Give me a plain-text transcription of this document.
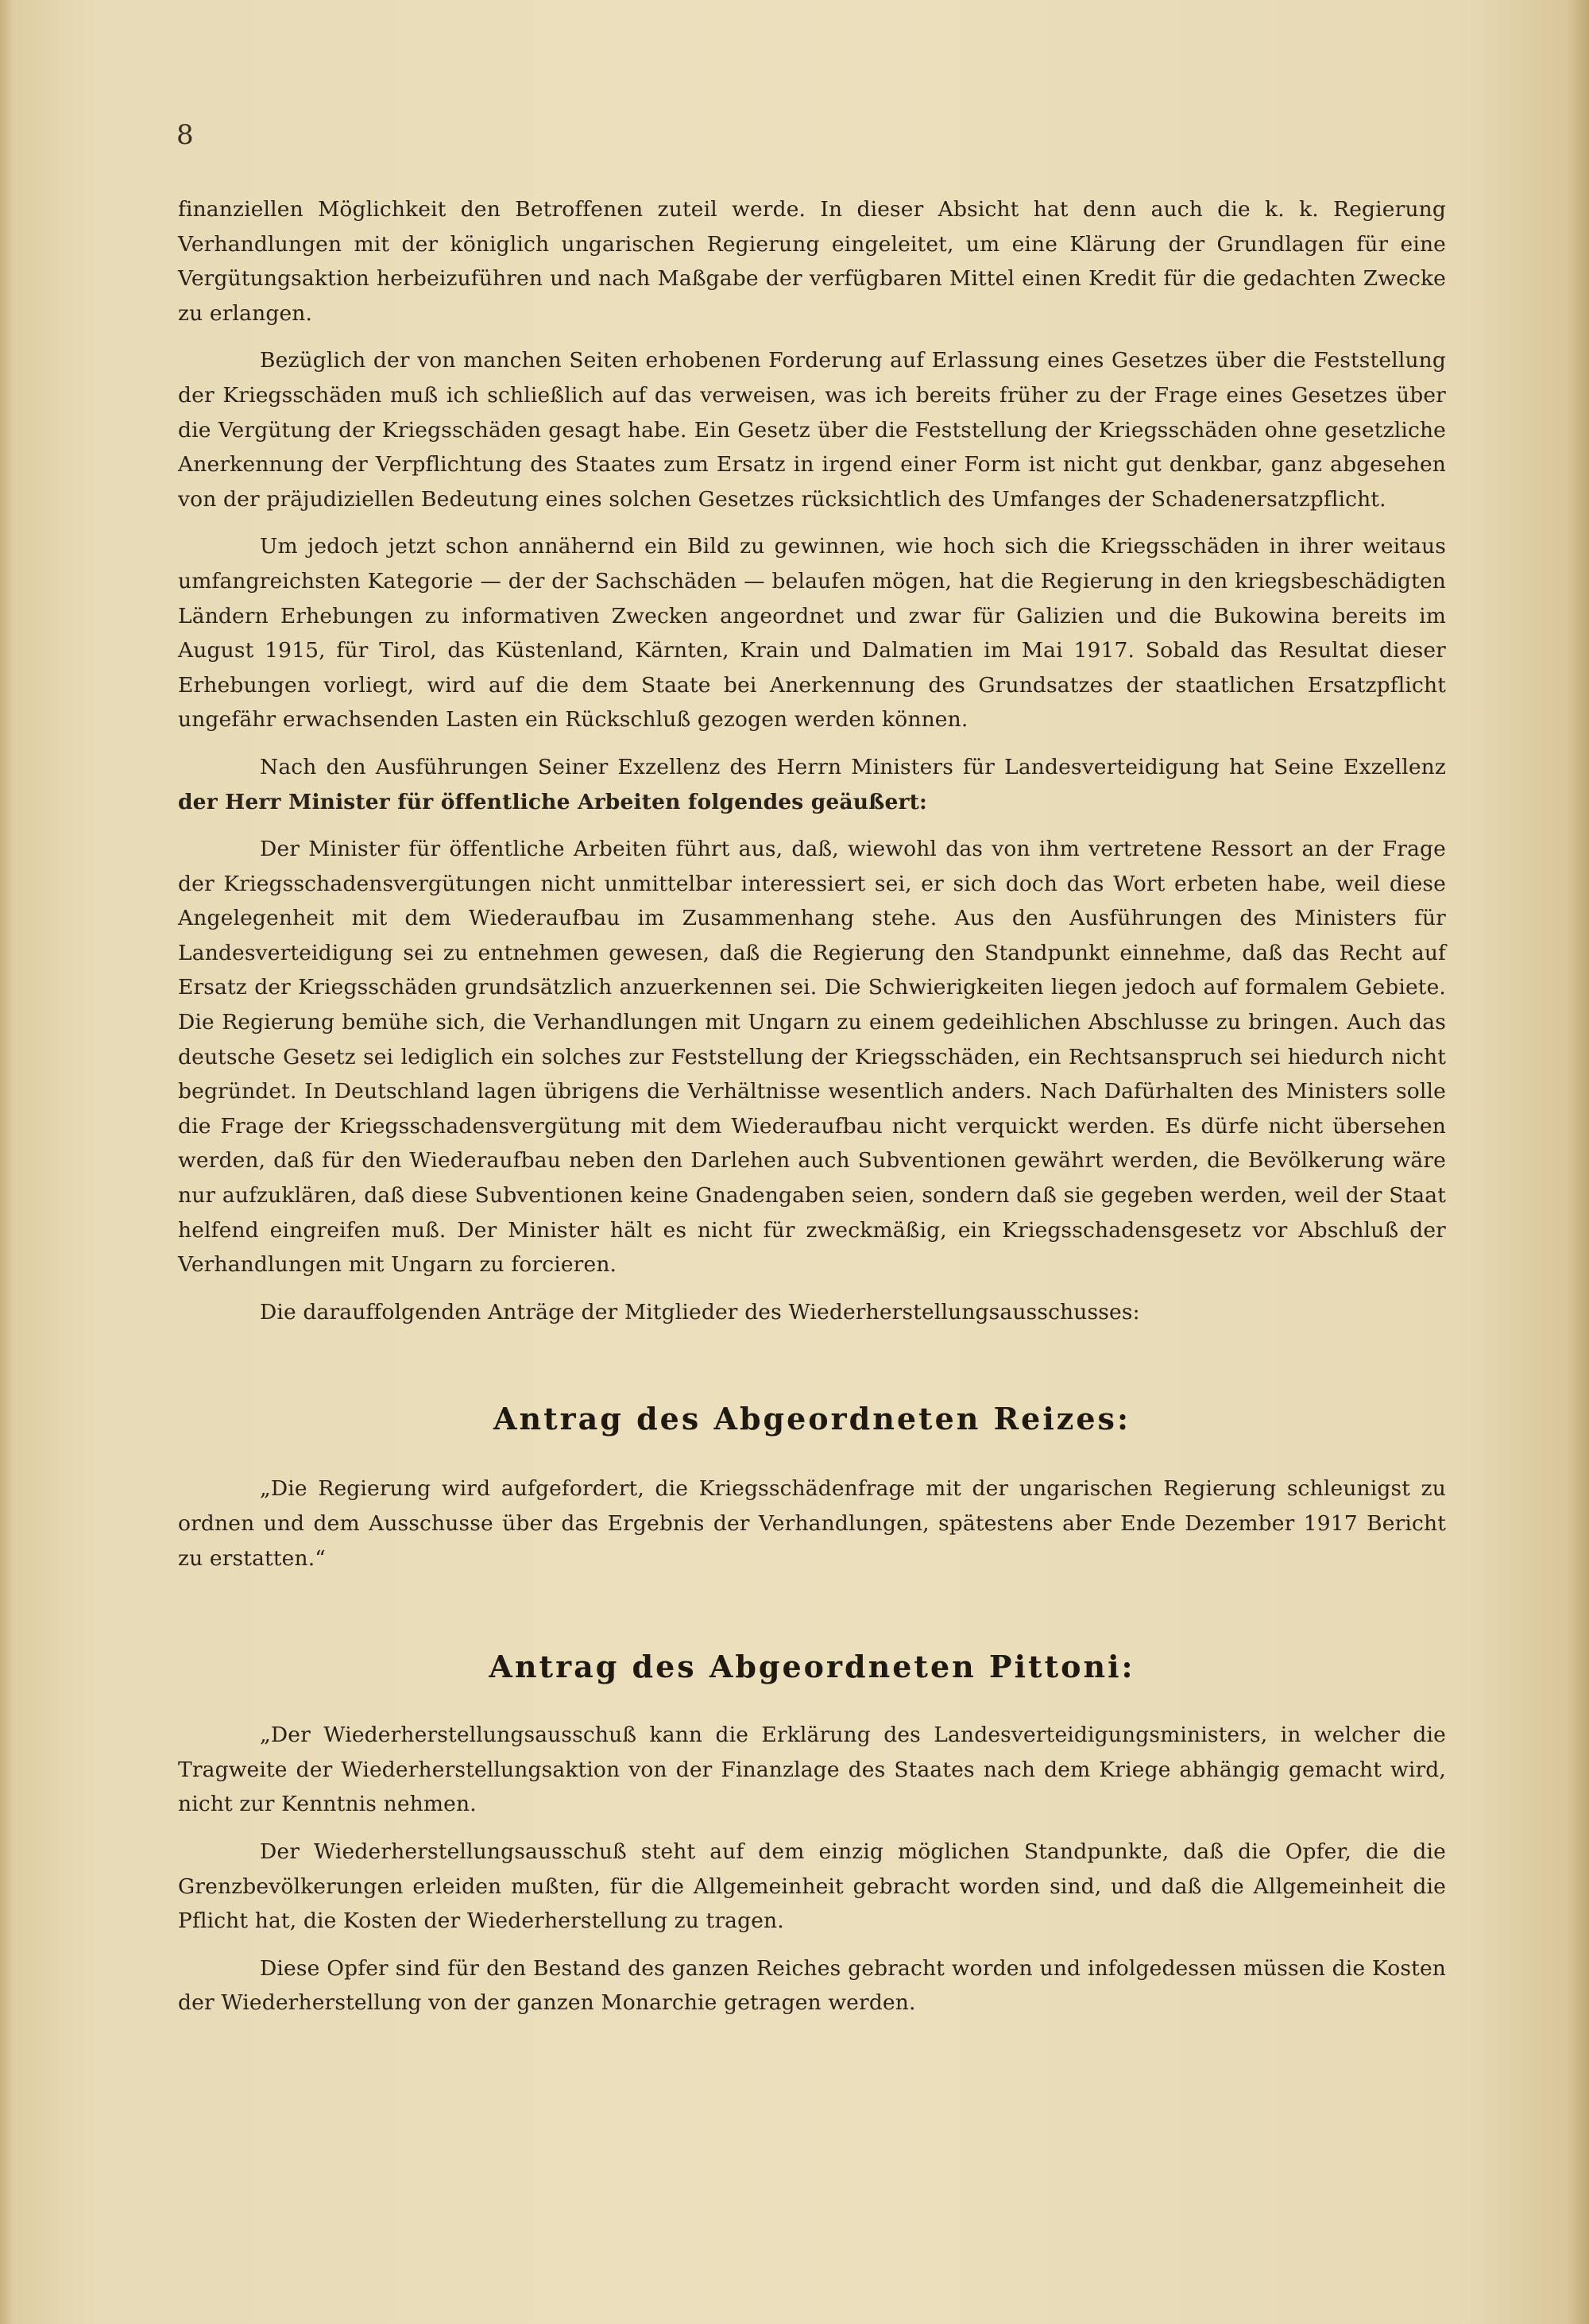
8

finanziellen Möglichkeit den Betroffenen zuteil werde. In dieser Absicht hat denn auch die k. k. Regierung Verhandlungen mit der königlich ungarischen Regierung eingeleitet, um eine Klärung der Grundlagen für eine Vergütungsaktion herbeizuführen und nach Maßgabe der verfügbaren Mittel einen Kredit für die gedachten Zwecke zu erlangen.

Bezüglich der von manchen Seiten erhobenen Forderung auf Erlassung eines Gesetzes über die Feststellung der Kriegsschäden muß ich schließlich auf das verweisen, was ich bereits früher zu der Frage eines Gesetzes über die Vergütung der Kriegsschäden gesagt habe. Ein Gesetz über die Feststellung der Kriegsschäden ohne gesetzliche Anerkennung der Verpflichtung des Staates zum Ersatz in irgend einer Form ist nicht gut denkbar, ganz abgesehen von der präjudiziellen Bedeutung eines solchen Gesetzes rücksichtlich des Umfanges der Schadenersatzpflicht.

Um jedoch jetzt schon annähernd ein Bild zu gewinnen, wie hoch sich die Kriegsschäden in ihrer weitaus umfangreichsten Kategorie — der der Sachschäden — belaufen mögen, hat die Regierung in den kriegsbeschädigten Ländern Erhebungen zu informativen Zwecken angeordnet und zwar für Galizien und die Bukowina bereits im August 1915, für Tirol, das Küstenland, Kärnten, Krain und Dalmatien im Mai 1917. Sobald das Resultat dieser Erhebungen vorliegt, wird auf die dem Staate bei Anerkennung des Grundsatzes der staatlichen Ersatzpflicht ungefähr erwachsenden Lasten ein Rückschluß gezogen werden können.

Nach den Ausführungen Seiner Exzellenz des Herrn Ministers für Landesverteidigung hat Seine Exzellenz der Herr Minister für öffentliche Arbeiten folgendes geäußert:

Der Minister für öffentliche Arbeiten führt aus, daß, wiewohl das von ihm vertretene Ressort an der Frage der Kriegsschadensvergütungen nicht unmittelbar interessiert sei, er sich doch das Wort erbeten habe, weil diese Angelegenheit mit dem Wiederaufbau im Zusammenhang stehe. Aus den Ausführungen des Ministers für Landesverteidigung sei zu entnehmen gewesen, daß die Regierung den Standpunkt einnehme, daß das Recht auf Ersatz der Kriegsschäden grundsätzlich anzuerkennen sei. Die Schwierigkeiten liegen jedoch auf formalem Gebiete. Die Regierung bemühe sich, die Verhandlungen mit Ungarn zu einem gedeihlichen Abschlusse zu bringen. Auch das deutsche Gesetz sei lediglich ein solches zur Feststellung der Kriegsschäden, ein Rechtsanspruch sei hiedurch nicht begründet. In Deutschland lagen übrigens die Verhältnisse wesentlich anders. Nach Dafürhalten des Ministers solle die Frage der Kriegsschadensvergütung mit dem Wiederaufbau nicht verquickt werden. Es dürfe nicht übersehen werden, daß für den Wiederaufbau neben den Darlehen auch Subventionen gewährt werden, die Bevölkerung wäre nur aufzuklären, daß diese Subventionen keine Gnadengaben seien, sondern daß sie gegeben werden, weil der Staat helfend eingreifen muß. Der Minister hält es nicht für zweckmäßig, ein Kriegsschadensgesetz vor Abschluß der Verhandlungen mit Ungarn zu forcieren.

Die darauffolgenden Anträge der Mitglieder des Wiederherstellungsausschusses:

Antrag des Abgeordneten Reizes:

„Die Regierung wird aufgefordert, die Kriegsschädenfrage mit der ungarischen Regierung schleunigst zu ordnen und dem Ausschusse über das Ergebnis der Verhandlungen, spätestens aber Ende Dezember 1917 Bericht zu erstatten.“

Antrag des Abgeordneten Pittoni:

„Der Wiederherstellungsausschuß kann die Erklärung des Landesverteidigungsministers, in welcher die Tragweite der Wiederherstellungsaktion von der Finanzlage des Staates nach dem Kriege abhängig gemacht wird, nicht zur Kenntnis nehmen.

Der Wiederherstellungsausschuß steht auf dem einzig möglichen Standpunkte, daß die Opfer, die die Grenzbevölkerungen erleiden mußten, für die Allgemeinheit gebracht worden sind, und daß die Allgemeinheit die Pflicht hat, die Kosten der Wiederherstellung zu tragen.

Diese Opfer sind für den Bestand des ganzen Reiches gebracht worden und infolgedessen müssen die Kosten der Wiederherstellung von der ganzen Monarchie getragen werden.
